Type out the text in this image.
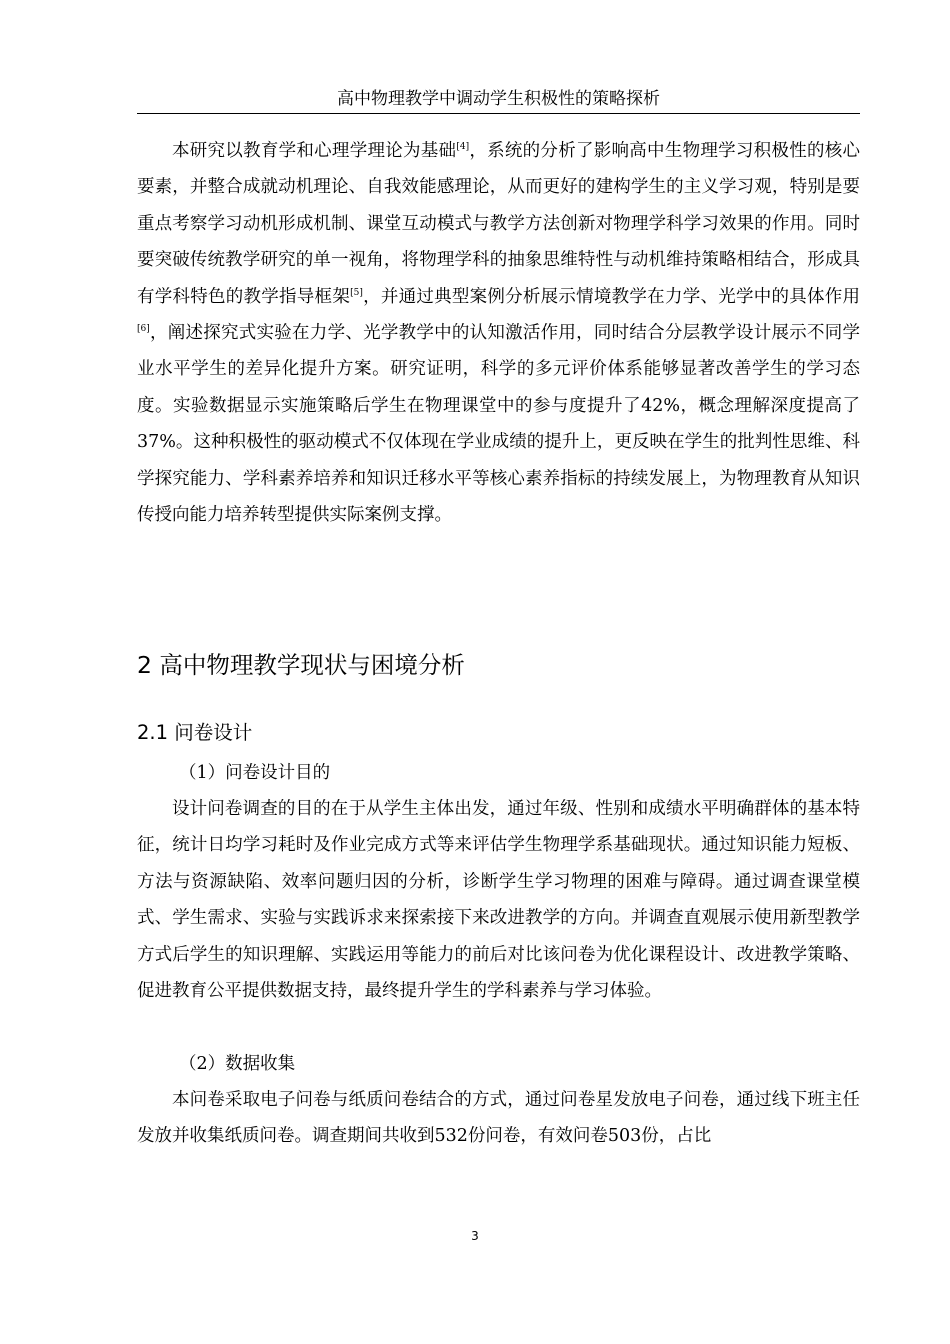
高中物理教学中调动学生积极性的策略探析

本研究以教育学和心理学理论为基础[4]，系统的分析了影响高中生物理学习积极性的核心要素，并整合成就动机理论、自我效能感理论，从而更好的建构学生的主义学习观，特别是要重点考察学习动机形成机制、课堂互动模式与教学方法创新对物理学科学习效果的作用。同时要突破传统教学研究的单一视角，将物理学科的抽象思维特性与动机维持策略相结合，形成具有学科特色的教学指导框架[5]，并通过典型案例分析展示情境教学在力学、光学中的具体作用[6]，阐述探究式实验在力学、光学教学中的认知激活作用，同时结合分层教学设计展示不同学业水平学生的差异化提升方案。研究证明，科学的多元评价体系能够显著改善学生的学习态度。实验数据显示实施策略后学生在物理课堂中的参与度提升了42%，概念理解深度提高了37%。这种积极性的驱动模式不仅体现在学业成绩的提升上，更反映在学生的批判性思维、科学探究能力、学科素养培养和知识迁移水平等核心素养指标的持续发展上，为物理教育从知识传授向能力培养转型提供实际案例支撑。

2 高中物理教学现状与困境分析
2.1 问卷设计

（1）问卷设计目的

设计问卷调查的目的在于从学生主体出发，通过年级、性别和成绩水平明确群体的基本特征，统计日均学习耗时及作业完成方式等来评估学生物理学系基础现状。通过知识能力短板、方法与资源缺陷、效率问题归因的分析，诊断学生学习物理的困难与障碍。通过调查课堂模式、学生需求、实验与实践诉求来探索接下来改进教学的方向。并调查直观展示使用新型教学方式后学生的知识理解、实践运用等能力的前后对比该问卷为优化课程设计、改进教学策略、促进教育公平提供数据支持，最终提升学生的学科素养与学习体验。

（2）数据收集

本问卷采取电子问卷与纸质问卷结合的方式，通过问卷星发放电子问卷，通过线下班主任发放并收集纸质问卷。调查期间共收到532份问卷，有效问卷503份，占比

3
